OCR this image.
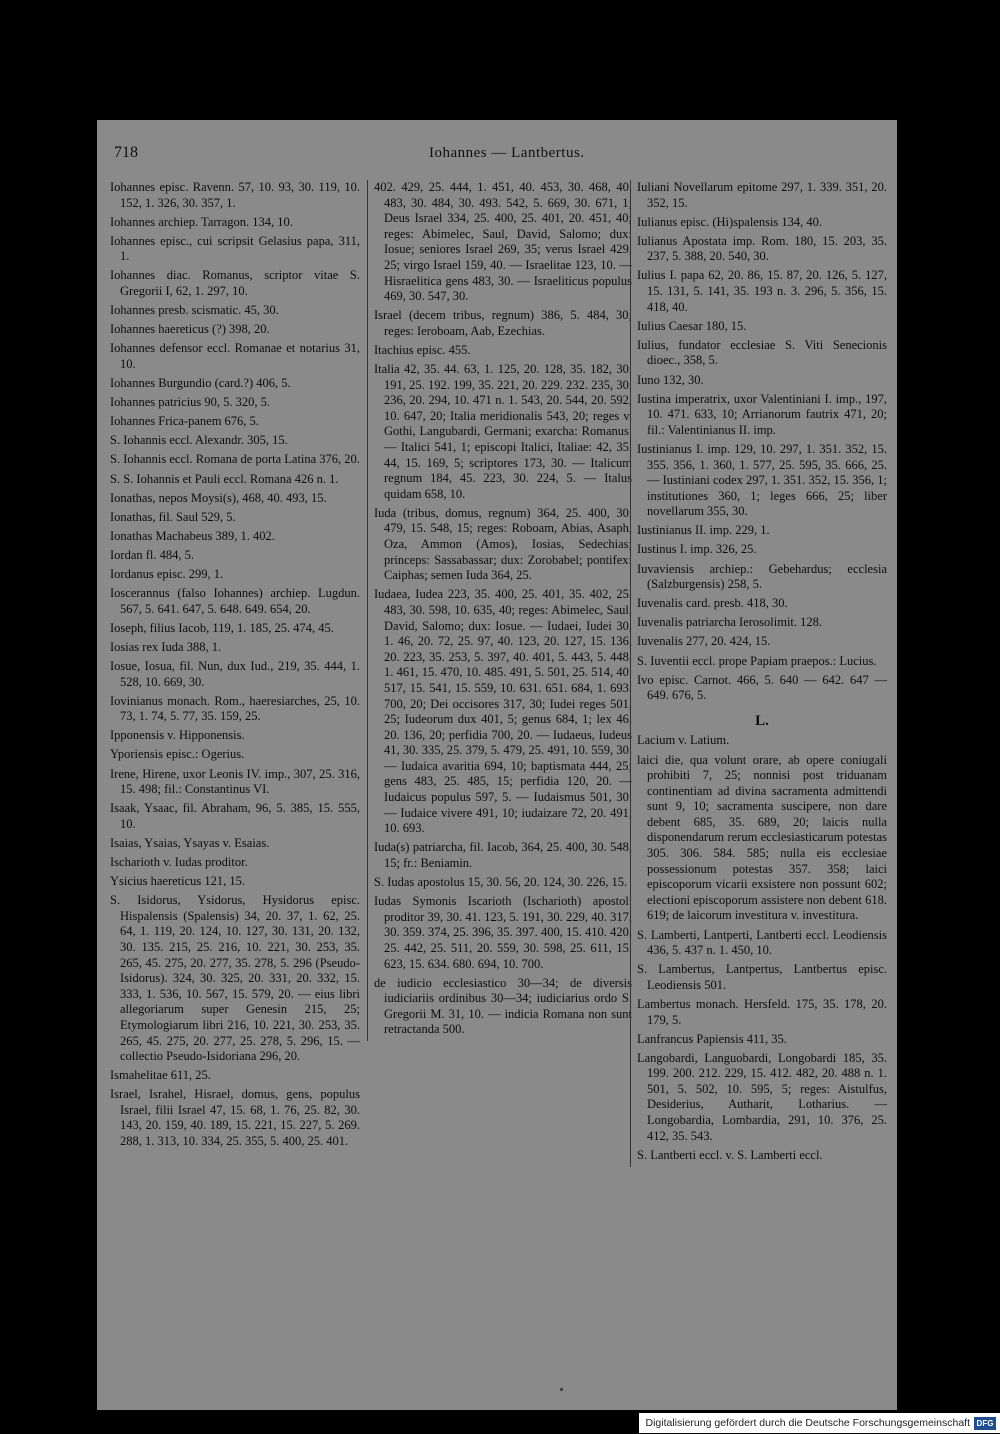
718	Iohannes — Lantbertus.

Iohannes episc. Ravenn. 57, 10. 93, 30. 119, 10. 152, 1. 326, 30. 357, 1.

Iohannes archiep. Tarragon. 134, 10.

Iohannes episc., cui scripsit Gelasius papa, 311, 1.

Iohannes diac. Romanus, scriptor vitae S. Gregorii I, 62, 1. 297, 10.

Iohannes presb. scismatic. 45, 30.

Iohannes haereticus (?) 398, 20.

Iohannes defensor eccl. Romanae et notarius 31, 10.

Iohannes Burgundio (card.?) 406, 5.

Iohannes patricius 90, 5. 320, 5.

Iohannes Frica-panem 676, 5.

S. Iohannis eccl. Alexandr. 305, 15.

S. Iohannis eccl. Romana de porta Latina 376, 20.

S. S. Iohannis et Pauli eccl. Romana 426 n. 1.

Ionathas, nepos Moysi(s), 468, 40. 493, 15.

Ionathas, fil. Saul 529, 5.

Ionathas Machabeus 389, 1. 402.

Iordan fl. 484, 5.

Iordanus episc. 299, 1.

Ioscerannus (falso Iohannes) archiep. Lugdun. 567, 5. 641. 647, 5. 648. 649. 654, 20.

Ioseph, filius Iacob, 119, 1. 185, 25. 474, 45.

Iosias rex Iuda 388, 1.

Iosue, Iosua, fil. Nun, dux Iud., 219, 35. 444, 1. 528, 10. 669, 30.

Iovinianus monach. Rom., haeresiarches, 25, 10. 73, 1. 74, 5. 77, 35. 159, 25.

Ipponensis v. Hipponensis.

Yporiensis episc.: Ogerius.

Irene, Hirene, uxor Leonis IV. imp., 307, 25. 316, 15. 498; fil.: Constantinus VI.

Isaak, Ysaac, fil. Abraham, 96, 5. 385, 15. 555, 10.

Isaias, Ysaias, Ysayas v. Esaias.

Ischarioth v. Iudas proditor.

Ysicius haereticus 121, 15.

S. Isidorus, Ysidorus, Hysidorus episc. Hispalensis (Spalensis) 34, 20. 37, 1. 62, 25. 64, 1. 119, 20. 124, 10. 127, 30. 131, 20. 132, 30. 135. 215, 25. 216, 10. 221, 30. 253, 35. 265, 45. 275, 20. 277, 35. 278, 5. 296 (Pseudo-Isidorus). 324, 30. 325, 20. 331, 20. 332, 15. 333, 1. 536, 10. 567, 15. 579, 20. — eius libri allegoriarum super Genesin 215, 25; Etymologiarum libri 216, 10. 221, 30. 253, 35. 265, 45. 275, 20. 277, 25. 278, 5. 296, 15. — collectio Pseudo-Isidoriana 296, 20.

Ismahelitae 611, 25.

Israel, Israhel, Hisrael, domus, gens, populus Israel, filii Israel 47, 15. 68, 1. 76, 25. 82, 30. 143, 20. 159, 40. 189, 15. 221, 15. 227, 5. 269. 288, 1. 313, 10. 334, 25. 355, 5. 400, 25. 401.

402. 429, 25. 444, 1. 451, 40. 453, 30. 468, 40. 483, 30. 484, 30. 493. 542, 5. 669, 30. 671, 1; Deus Israel 334, 25. 400, 25. 401, 20. 451, 40; reges: Abimelec, Saul, David, Salomo; dux: Iosue; seniores Israel 269, 35; verus Israel 429, 25; virgo Israel 159, 40. — Israelitae 123, 10. — Hisraelitica gens 483, 30. — Israeliticus populus 469, 30. 547, 30.

Israel (decem tribus, regnum) 386, 5. 484, 30; reges: Ieroboam, Aab, Ezechias.

Itachius episc. 455.

Italia 42, 35. 44. 63, 1. 125, 20. 128, 35. 182, 30. 191, 25. 192. 199, 35. 221, 20. 229. 232. 235, 30. 236, 20. 294, 10. 471 n. 1. 543, 20. 544, 20. 592, 10. 647, 20; Italia meridionalis 543, 20; reges v. Gothi, Langubardi, Germani; exarcha: Romanus. — Italici 541, 1; episcopi Italici, Italiae: 42, 35. 44, 15. 169, 5; scriptores 173, 30. — Italicum regnum 184, 45. 223, 30. 224, 5. — Italus quidam 658, 10.

Iuda (tribus, domus, regnum) 364, 25. 400, 30. 479, 15. 548, 15; reges: Roboam, Abias, Asaph, Oza, Ammon (Amos), Iosias, Sedechias; princeps: Sassabassar; dux: Zorobabel; pontifex: Caiphas; semen Iuda 364, 25.

Iudaea, Iudea 223, 35. 400, 25. 401, 35. 402, 25. 483, 30. 598, 10. 635, 40; reges: Abimelec, Saul, David, Salomo; dux: Iosue. — Iudaei, Iudei 30, 1. 46, 20. 72, 25. 97, 40. 123, 20. 127, 15. 136, 20. 223, 35. 253, 5. 397, 40. 401, 5. 443, 5. 448, 1. 461, 15. 470, 10. 485. 491, 5. 501, 25. 514, 40. 517, 15. 541, 15. 559, 10. 631. 651. 684, 1. 693. 700, 20; Dei occisores 317, 30; Iudei reges 501, 25; Iudeorum dux 401, 5; genus 684, 1; lex 46, 20. 136, 20; perfidia 700, 20. — Iudaeus, Iudeus 41, 30. 335, 25. 379, 5. 479, 25. 491, 10. 559, 30. — Iudaica avaritia 694, 10; baptismata 444, 25; gens 483, 25. 485, 15; perfidia 120, 20. — Iudaicus populus 597, 5. — Iudaismus 501, 30. — Iudaice vivere 491, 10; iudaizare 72, 20. 491, 10. 693.

Iuda(s) patriarcha, fil. Iacob, 364, 25. 400, 30. 548, 15; fr.: Beniamin.

S. Iudas apostolus 15, 30. 56, 20. 124, 30. 226, 15.

Iudas Symonis Iscarioth (Ischarioth) apostol. proditor 39, 30. 41. 123, 5. 191, 30. 229, 40. 317, 30. 359. 374, 25. 396, 35. 397. 400, 15. 410. 420, 25. 442, 25. 511, 20. 559, 30. 598, 25. 611, 15. 623, 15. 634. 680. 694, 10. 700.

de iudicio ecclesiastico 30—34; de diversis iudiciariis ordinibus 30—34; iudiciarius ordo S. Gregorii M. 31, 10. — indicia Romana non sunt retractanda 500.

Iuliani Novellarum epitome 297, 1. 339. 351, 20. 352, 15.

Iulianus episc. (Hi)spalensis 134, 40.

Iulianus Apostata imp. Rom. 180, 15. 203, 35. 237, 5. 388, 20. 540, 30.

Iulius I. papa 62, 20. 86, 15. 87, 20. 126, 5. 127, 15. 131, 5. 141, 35. 193 n. 3. 296, 5. 356, 15. 418, 40.

Iulius Caesar 180, 15.

Iulius, fundator ecclesiae S. Viti Senecionis dioec., 358, 5.

Iuno 132, 30.

Iustina imperatrix, uxor Valentiniani I. imp., 197, 10. 471. 633, 10; Arrianorum fautrix 471, 20; fil.: Valentinianus II. imp.

Iustinianus I. imp. 129, 10. 297, 1. 351. 352, 15. 355. 356, 1. 360, 1. 577, 25. 595, 35. 666, 25. — Iustiniani codex 297, 1. 351. 352, 15. 356, 1; institutiones 360, 1; leges 666, 25; liber novellarum 355, 30.

Iustinianus II. imp. 229, 1.

Iustinus I. imp. 326, 25.

Iuvaviensis archiep.: Gebehardus; ecclesia (Salzburgensis) 258, 5.

Iuvenalis card. presb. 418, 30.

Iuvenalis patriarcha Ierosolimit. 128.

Iuvenalis 277, 20. 424, 15.

S. Iuventii eccl. prope Papiam praepos.: Lucius.

Ivo episc. Carnot. 466, 5. 640 — 642. 647 — 649. 676, 5.

L.

Lacium v. Latium.

laici die, qua volunt orare, ab opere coniugali prohibiti 7, 25; nonnisi post triduanam continentiam ad divina sacramenta admittendi sunt 9, 10; sacramenta suscipere, non dare debent 685, 35. 689, 20; laicis nulla disponendarum rerum ecclesiasticarum potestas 305. 306. 584. 585; nulla eis ecclesiae possessionum potestas 357. 358; laici episcoporum vicarii exsistere non possunt 602; electioni episcoporum assistere non debent 618. 619; de laicorum investitura v. investitura.

S. Lamberti, Lantperti, Lantberti eccl. Leodiensis 436, 5. 437 n. 1. 450, 10.

S. Lambertus, Lantpertus, Lantbertus episc. Leodiensis 501.

Lambertus monach. Hersfeld. 175, 35. 178, 20. 179, 5.

Lanfrancus Papiensis 411, 35.

Langobardi, Languobardi, Longobardi 185, 35. 199. 200. 212. 229, 15. 412. 482, 20. 488 n. 1. 501, 5. 502, 10. 595, 5; reges: Aistulfus, Desiderius, Autharit, Lotharius. — Longobardia, Lombardia, 291, 10. 376, 25. 412, 35. 543.

S. Lantberti eccl. v. S. Lamberti eccl.

Digitalisierung gefördert durch die Deutsche Forschungsgemeinschaft DFG
